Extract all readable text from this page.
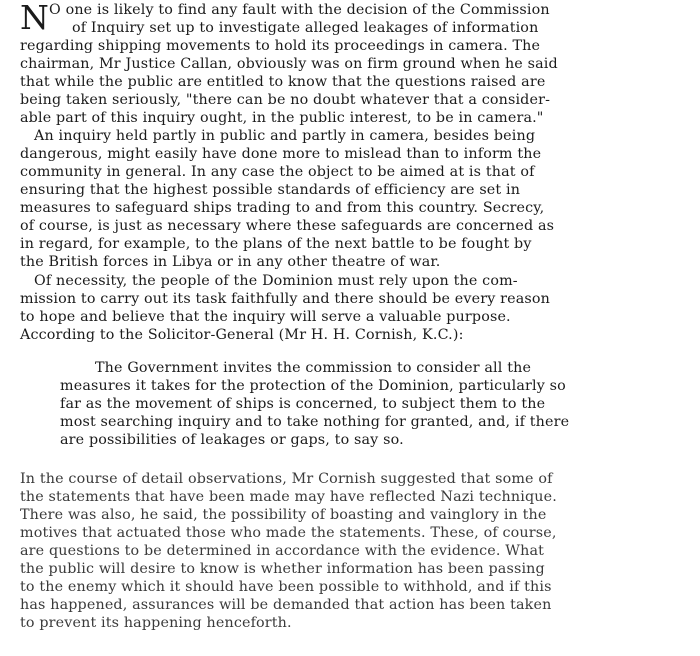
N O one is likely to find any fault with the decision of the Commission

of Inquiry set up to investigate alleged leakages of information

regarding shipping movements to hold its proceedings in camera. The

chairman, Mr Justice Callan, obviously was on firm ground when he said

that while the public are entitled to know that the questions raised are

being taken seriously, "there can be no doubt whatever that a consider-

able part of this inquiry ought, in the public interest, to be in camera."

An inquiry held partly in public and partly in camera, besides being

dangerous, might easily have done more to mislead than to inform the

community in general. In any case the object to be aimed at is that of

ensuring that the highest possible standards of efficiency are set in

measures to safeguard ships trading to and from this country. Secrecy,

of course, is just as necessary where these safeguards are concerned as

in regard, for example, to the plans of the next battle to be fought by

the British forces in Libya or in any other theatre of war.

Of necessity, the people of the Dominion must rely upon the com-

mission to carry out its task faithfully and there should be every reason

to hope and believe that the inquiry will serve a valuable purpose.

According to the Solicitor-General (Mr H. H. Cornish, K.C.):

The Government invites the commission to consider all the

measures it takes for the protection of the Dominion, particularly so

far as the movement of ships is concerned, to subject them to the

most searching inquiry and to take nothing for granted, and, if there

are possibilities of leakages or gaps, to say so.

In the course of detail observations, Mr Cornish suggested that some of

the statements that have been made may have reflected Nazi technique.

There was also, he said, the possibility of boasting and vainglory in the

motives that actuated those who made the statements. These, of course,

are questions to be determined in accordance with the evidence. What

the public will desire to know is whether information has been passing

to the enemy which it should have been possible to withhold, and if this

has happened, assurances will be demanded that action has been taken

to prevent its happening henceforth.
